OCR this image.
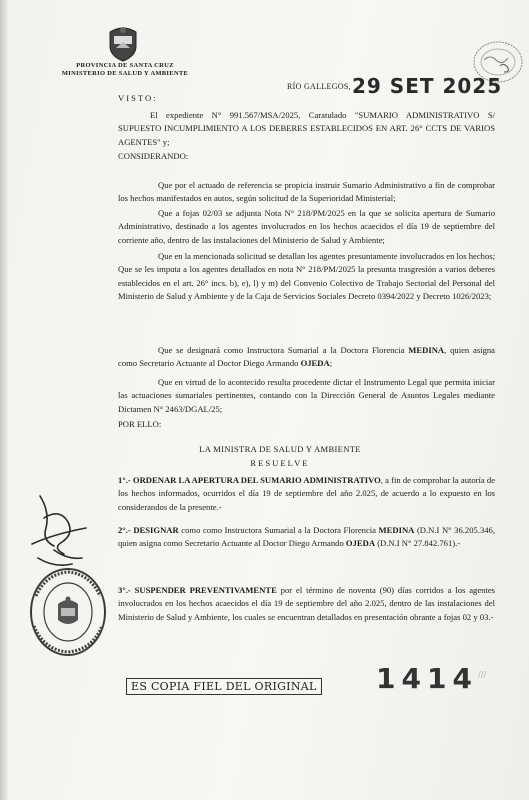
PROVINCIA DE SANTA CRUZ
MINISTERIO DE SALUD Y AMBIENTE
RÍO GALLEGOS, 29 SET 2025

VISTO:

El expediente N° 991.567/MSA/2025, Caratulado "SUMARIO ADMINISTRATIVO S/ SUPUESTO INCUMPLIMIENTO A LOS DEBERES ESTABLECIDOS EN ART. 26° CCTS DE VARIOS AGENTES" y;

CONSIDERANDO:

Que por el actuado de referencia se propicia instruir Sumario Administrativo a fin de comprobar los hechos manifestados en autos, según solicitud de la Superioridad Ministerial;

Que a fojas 02/03 se adjunta Nota N° 218/PM/2025 en la que se solicita apertura de Sumario Administrativo, destinado a los agentes involucrados en los hechos acaecidos el día 19 de septiembre del corriente año, dentro de las instalaciones del Ministerio de Salud y Ambiente;

Que en la mencionada solicitud se detallan los agentes presuntamente involucrados en los hechos; Que se les imputa a los agentes detallados en nota N° 218/PM/2025 la presunta trasgresión a varios deberes establecidos en el art. 26° incs. b), e), l) y m) del Convenio Colectivo de Trabajo Sectorial del Personal del Ministerio de Salud y Ambiente y de la Caja de Servicios Sociales Decreto 0394/2022 y Decreto 1026/2023;

Que se designará como Instructora Sumarial a la Doctora Florencia MEDINA, quien asigna como Secretario Actuante al Doctor Diego Armando OJEDA;

Que en virtud de lo acontecido resulta procedente dictar el Instrumento Legal que permita iniciar las actuaciones sumariales pertinentes, contando con la Dirección General de Asuntos Legales mediante Dictamen N° 2463/DGAL/25;

POR ELLO:

LA MINISTRA DE SALUD Y AMBIENTE

RESUELVE

1°.- ORDENAR LA APERTURA DEL SUMARIO ADMINISTRATIVO, a fin de comprobar la autoría de los hechos informados, ocurridos el día 19 de septiembre del año 2.025, de acuerdo a lo expuesto en los considerandos de la presente.-

2°.- DESIGNAR como como Instructora Sumarial a la Doctora Florencia MEDINA (D.N.I N° 36.205.346, quien asigna como Secretario Actuante al Doctor Diego Armando OJEDA (D.N.I N° 27.842.761).-

3°.- SUSPENDER PREVENTIVAMENTE por el término de noventa (90) días corridos a los agentes involucrados en los hechos acaecidos el día 19 de septiembre del año 2.025, dentro de las instalaciones del Ministerio de Salud y Ambiente, los cuales se encuentran detallados en presentación obrante a fojas 02 y 03.-

ES COPIA FIEL DEL ORIGINAL 1414 ///
